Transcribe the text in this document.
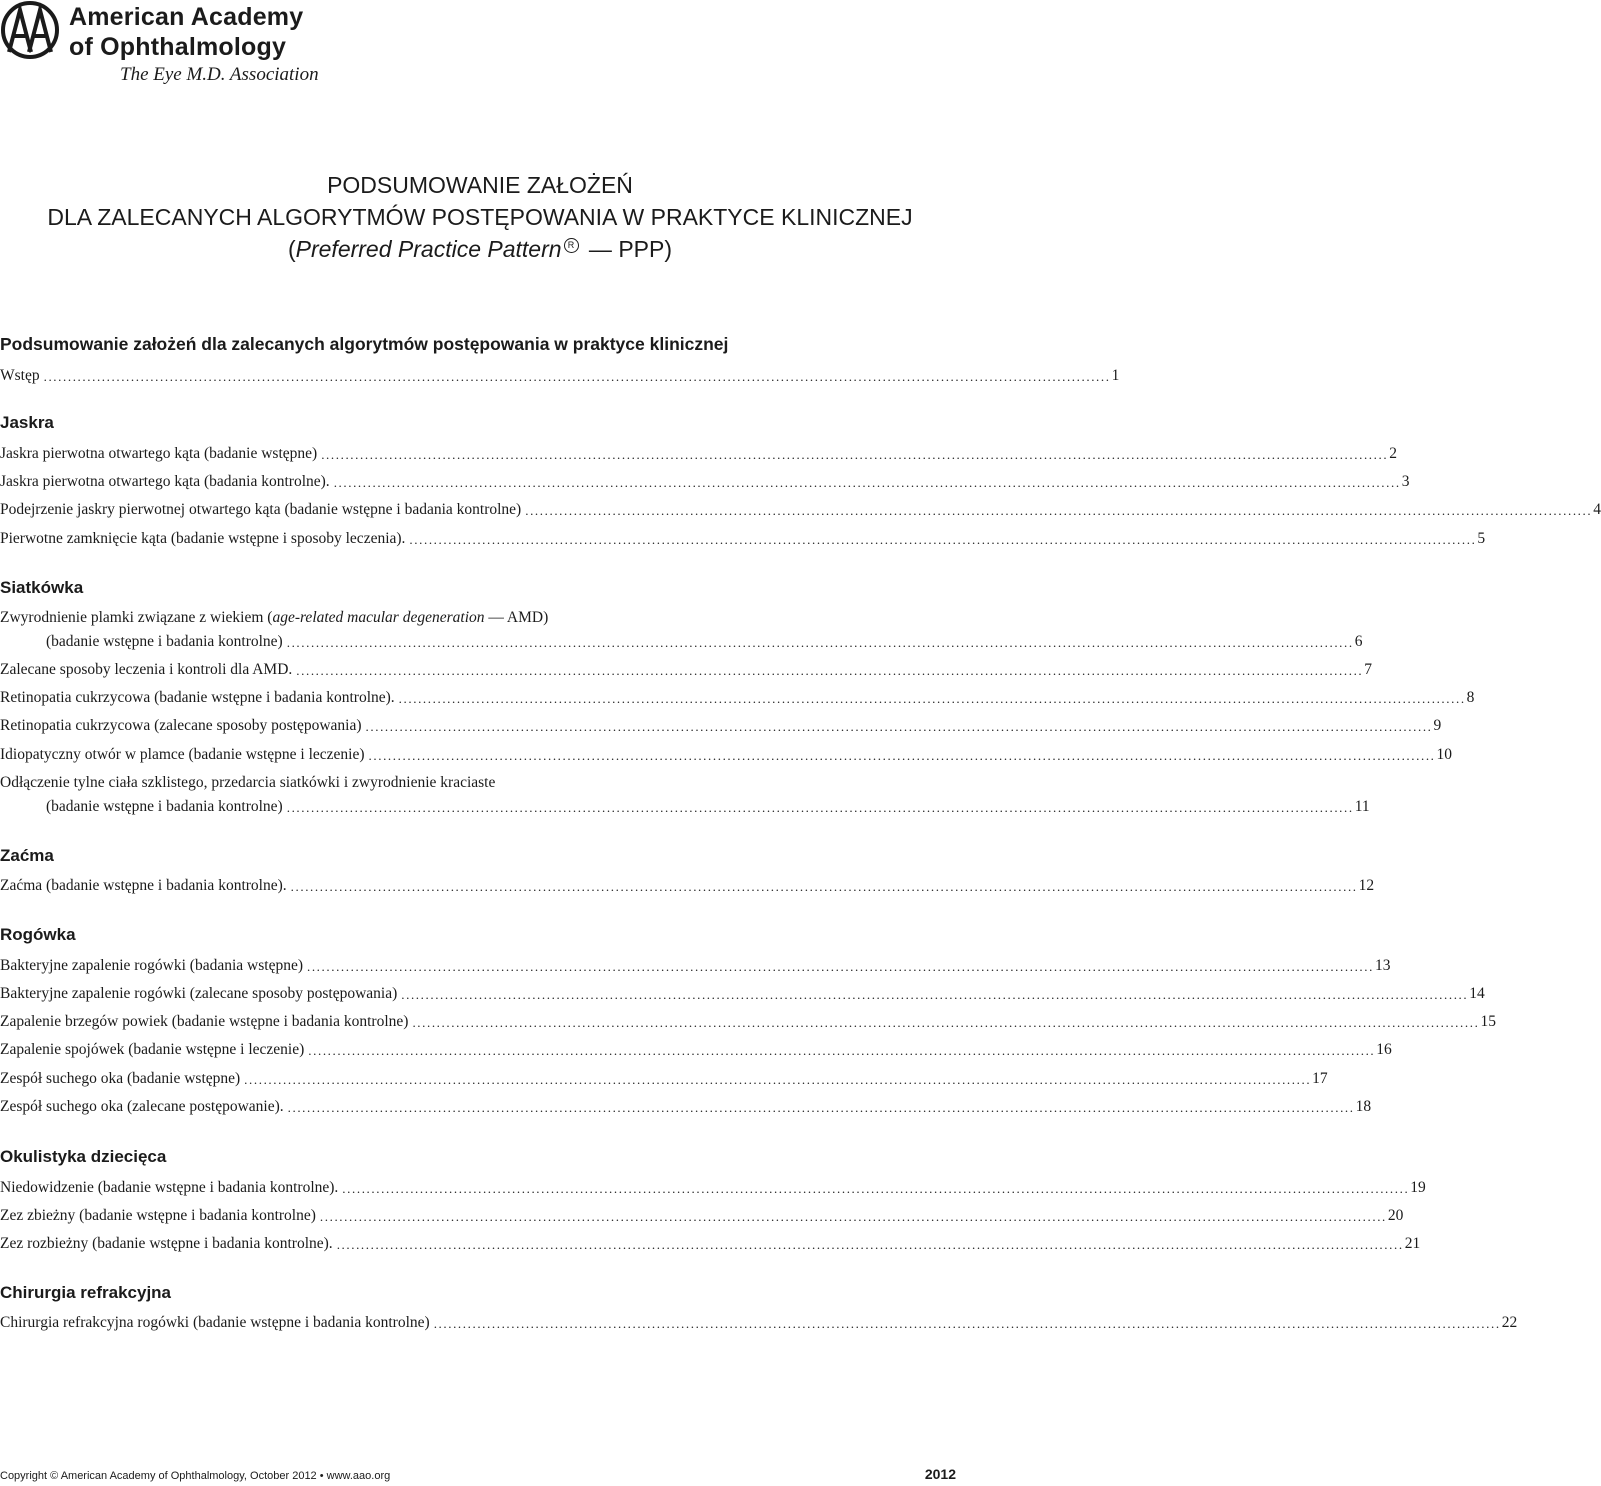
American Academy
of Ophthalmology
The Eye M.D. Association
PODSUMOWANIE ZAŁOŻEŃ
DLA ZALECANYCH ALGORYTMÓW POSTĘPOWANIA W PRAKTYCE KLINICZNEJ
(Preferred Practice Pattern R — PPP)
Podsumowanie założeń dla zalecanych algorytmów postępowania w praktyce klinicznej
Wstęp ............................................................................................................................................................................................................................ 1
Jaskra
Jaskra pierwotna otwartego kąta (badanie wstępne) ............................................................................................................................................................................................................................ 2
Jaskra pierwotna otwartego kąta (badania kontrolne). ............................................................................................................................................................................................................................ 3
Podejrzenie jaskry pierwotnej otwartego kąta (badanie wstępne i badania kontrolne) ............................................................................................................................................................................................................................ 4
Pierwotne zamknięcie kąta (badanie wstępne i sposoby leczenia). ............................................................................................................................................................................................................................ 5
Siatkówka
Zwyrodnienie plamki związane z wiekiem (age-related macular degeneration — AMD)
(badanie wstępne i badania kontrolne) ............................................................................................................................................................................................................................ 6
Zalecane sposoby leczenia i kontroli dla AMD. ............................................................................................................................................................................................................................ 7
Retinopatia cukrzycowa (badanie wstępne i badania kontrolne). ............................................................................................................................................................................................................................ 8
Retinopatia cukrzycowa (zalecane sposoby postępowania) ............................................................................................................................................................................................................................ 9
Idiopatyczny otwór w plamce (badanie wstępne i leczenie) ............................................................................................................................................................................................................................ 10
Odłączenie tylne ciała szklistego, przedarcia siatkówki i zwyrodnienie kraciaste
(badanie wstępne i badania kontrolne) ............................................................................................................................................................................................................................ 11
Zaćma
Zaćma (badanie wstępne i badania kontrolne). ............................................................................................................................................................................................................................ 12
Rogówka
Bakteryjne zapalenie rogówki (badania wstępne) ............................................................................................................................................................................................................................ 13
Bakteryjne zapalenie rogówki (zalecane sposoby postępowania) ............................................................................................................................................................................................................................ 14
Zapalenie brzegów powiek (badanie wstępne i badania kontrolne) ............................................................................................................................................................................................................................ 15
Zapalenie spojówek (badanie wstępne i leczenie) ............................................................................................................................................................................................................................ 16
Zespół suchego oka (badanie wstępne) ............................................................................................................................................................................................................................ 17
Zespół suchego oka (zalecane postępowanie). ............................................................................................................................................................................................................................ 18
Okulistyka dziecięca
Niedowidzenie (badanie wstępne i badania kontrolne). ............................................................................................................................................................................................................................ 19
Zez zbieżny (badanie wstępne i badania kontrolne) ............................................................................................................................................................................................................................ 20
Zez rozbieżny (badanie wstępne i badania kontrolne). ............................................................................................................................................................................................................................ 21
Chirurgia refrakcyjna
Chirurgia refrakcyjna rogówki (badanie wstępne i badania kontrolne) ............................................................................................................................................................................................................................ 22
Copyright © American Academy of Ophthalmology, October 2012 • www.aao.org	2012
